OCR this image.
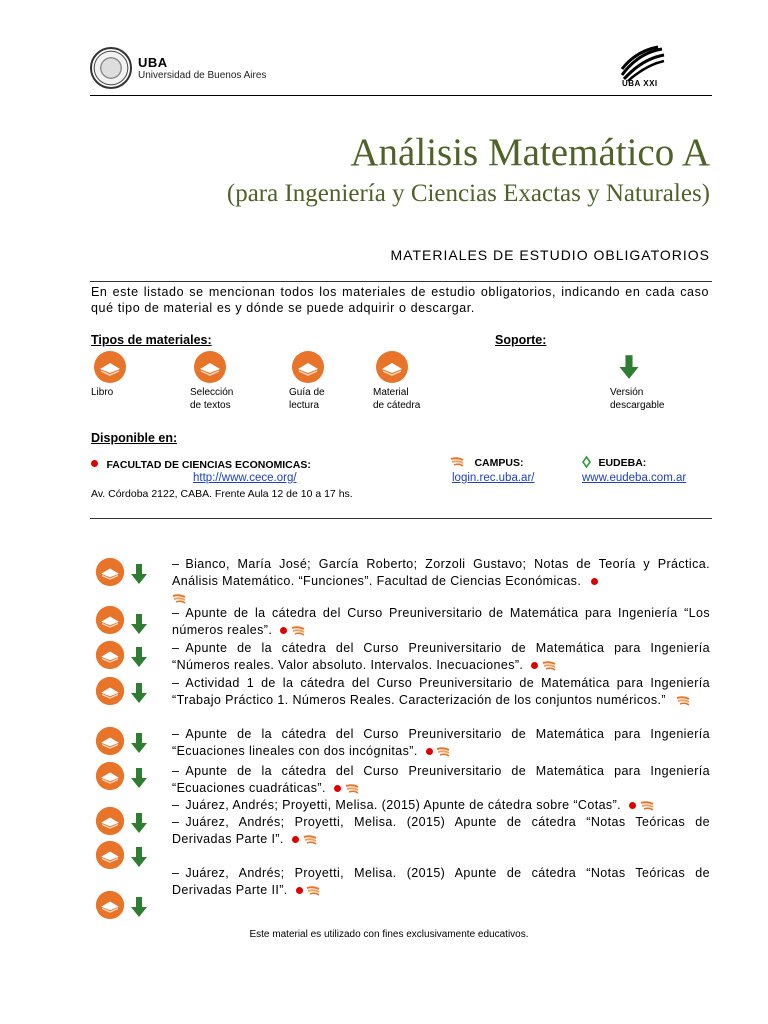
UBA
Universidad de Buenos Aires
UBA XXI
Análisis Matemático A
(para Ingeniería y Ciencias Exactas y Naturales)
MATERIALES DE ESTUDIO OBLIGATORIOS
En este listado se mencionan todos los materiales de estudio obligatorios, indicando en cada caso qué tipo de material es y dónde se puede adquirir o descargar.
Tipos de materiales:	Soporte:
Libro	Selección
de textos
Guía de
lectura
Material
de cátedra
Versión
descargable
Disponible en:
FACULTAD DE CIENCIAS ECONOMICAS:
http://www.cece.org/
Av. Córdoba 2122, CABA. Frente Aula 12 de 10 a 17 hs.
CAMPUS:
login.rec.uba.ar/
EUDEBA:
www.eudeba.com.ar
– Bianco, María José; García Roberto; Zorzoli Gustavo; Notas de Teoría y Práctica. Análisis Matemático. “Funciones”. Facultad de Ciencias Económicas.

– Apunte de la cátedra del Curso Preuniversitario de Matemática para Ingeniería “Los números reales”.
– Apunte de la cátedra del Curso Preuniversitario de Matemática para Ingeniería “Números reales. Valor absoluto. Intervalos. Inecuaciones”.
– Actividad 1 de la cátedra del Curso Preuniversitario de Matemática para Ingeniería “Trabajo Práctico 1. Números Reales. Caracterización de los conjuntos numéricos.”
– Apunte de la cátedra del Curso Preuniversitario de Matemática para Ingeniería “Ecuaciones lineales con dos incógnitas”.
– Apunte de la cátedra del Curso Preuniversitario de Matemática para Ingeniería “Ecuaciones cuadráticas”.
– Juárez, Andrés; Proyetti, Melisa. (2015) Apunte de cátedra sobre “Cotas”.
– Juárez, Andrés; Proyetti, Melisa. (2015) Apunte de cátedra “Notas Teóricas de Derivadas Parte I”.
– Juárez, Andrés; Proyetti, Melisa. (2015) Apunte de cátedra “Notas Teóricas de Derivadas Parte II”.
Este material es utilizado con fines exclusivamente educativos.
